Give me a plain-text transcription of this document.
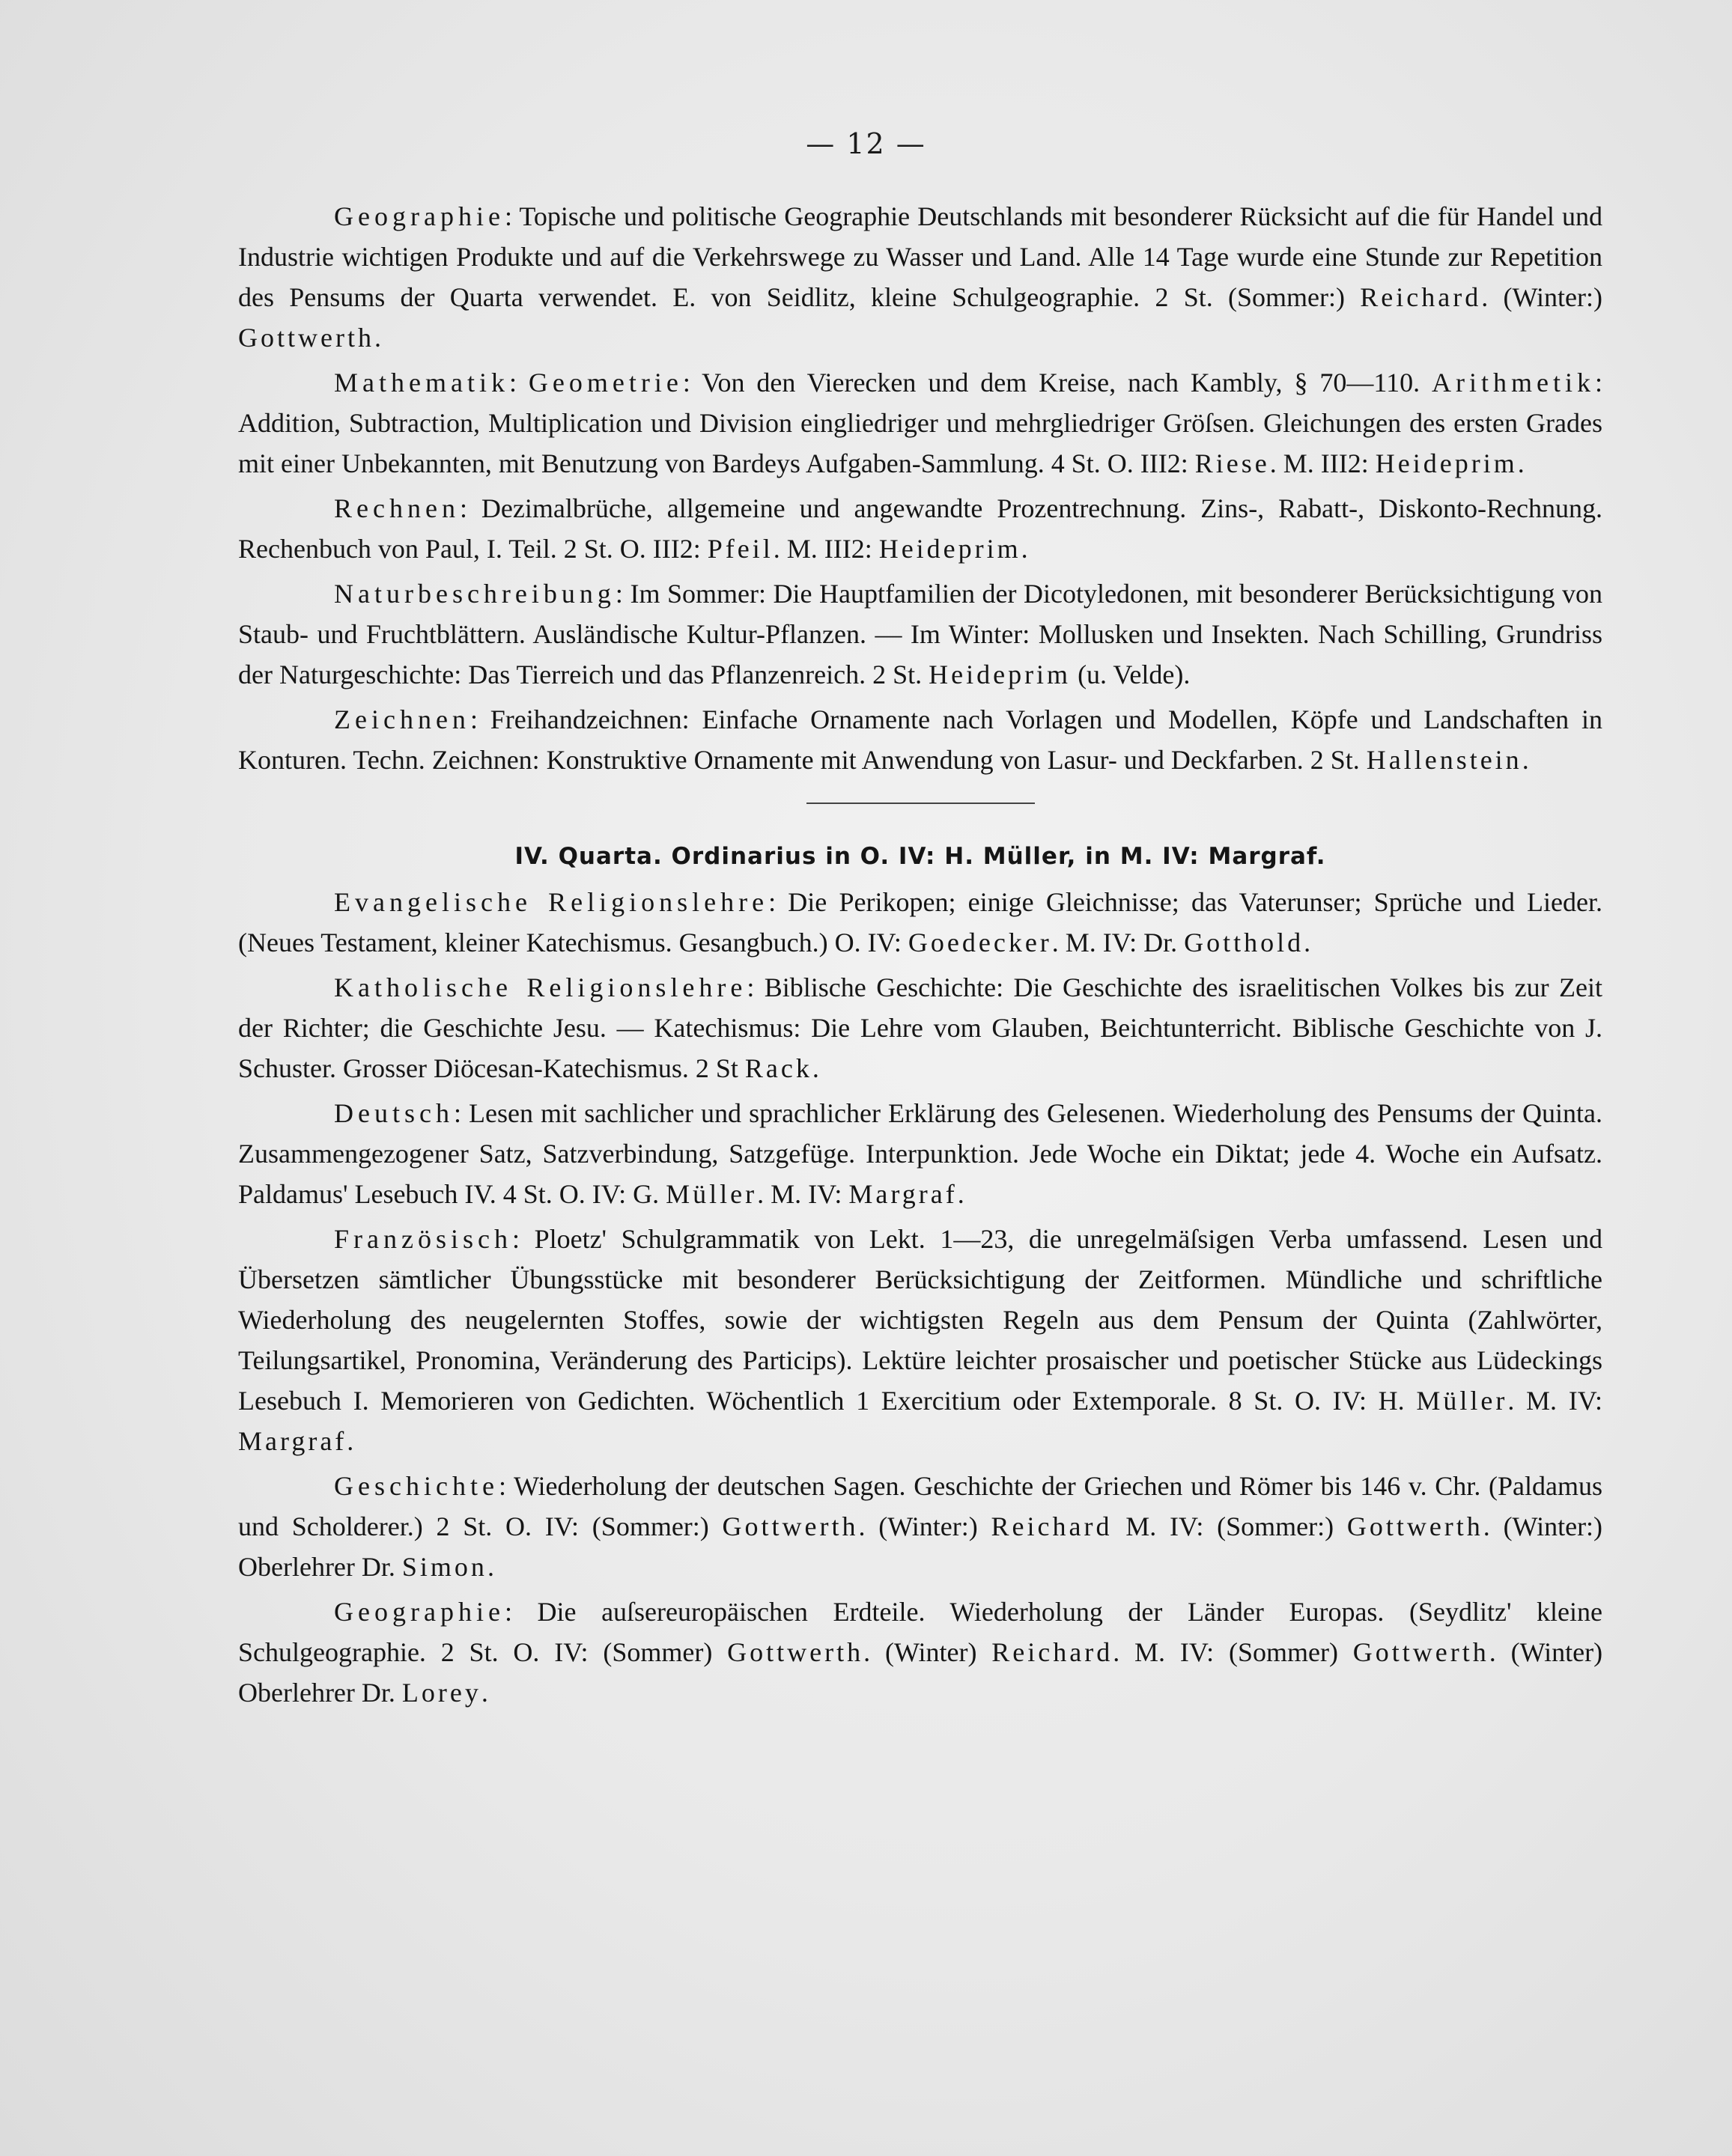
— 12 —

Geographie: Topische und politische Geographie Deutschlands mit besonderer Rücksicht auf die für Handel und Industrie wichtigen Produkte und auf die Verkehrswege zu Wasser und Land. Alle 14 Tage wurde eine Stunde zur Repetition des Pensums der Quarta verwendet. E. von Seidlitz, kleine Schulgeographie. 2 St. (Sommer:) Reichard. (Winter:) Gottwerth.

Mathematik: Geometrie: Von den Vierecken und dem Kreise, nach Kambly, § 70—110. Arithmetik: Addition, Subtraction, Multiplication und Division eingliedriger und mehrgliedriger Gröſsen. Gleichungen des ersten Grades mit einer Unbekannten, mit Benutzung von Bardeys Aufgaben-Sammlung. 4 St. O. III2: Riese. M. III2: Heideprim.

Rechnen: Dezimalbrüche, allgemeine und angewandte Prozentrechnung. Zins-, Rabatt-, Diskonto-Rechnung. Rechenbuch von Paul, I. Teil. 2 St. O. III2: Pfeil. M. III2: Heideprim.

Naturbeschreibung: Im Sommer: Die Hauptfamilien der Dicotyledonen, mit besonderer Berücksichtigung von Staub- und Fruchtblättern. Ausländische Kultur-Pflanzen. — Im Winter: Mollusken und Insekten. Nach Schilling, Grundriss der Naturgeschichte: Das Tierreich und das Pflanzenreich. 2 St. Heideprim (u. Velde).

Zeichnen: Freihandzeichnen: Einfache Ornamente nach Vorlagen und Modellen, Köpfe und Landschaften in Konturen. Techn. Zeichnen: Konstruktive Ornamente mit Anwendung von Lasur- und Deckfarben. 2 St. Hallenstein.

IV. Quarta. Ordinarius in O. IV: H. Müller, in M. IV: Margraf.

Evangelische Religionslehre: Die Perikopen; einige Gleichnisse; das Vaterunser; Sprüche und Lieder. (Neues Testament, kleiner Katechismus. Gesangbuch.) O. IV: Goedecker. M. IV: Dr. Gotthold.

Katholische Religionslehre: Biblische Geschichte: Die Geschichte des israelitischen Volkes bis zur Zeit der Richter; die Geschichte Jesu. — Katechismus: Die Lehre vom Glauben, Beichtunterricht. Biblische Geschichte von J. Schuster. Grosser Diöcesan-Katechismus. 2 St Rack.

Deutsch: Lesen mit sachlicher und sprachlicher Erklärung des Gelesenen. Wiederholung des Pensums der Quinta. Zusammengezogener Satz, Satzverbindung, Satzgefüge. Interpunktion. Jede Woche ein Diktat; jede 4. Woche ein Aufsatz. Paldamus' Lesebuch IV. 4 St. O. IV: G. Müller. M. IV: Margraf.

Französisch: Ploetz' Schulgrammatik von Lekt. 1—23, die unregelmäſsigen Verba umfassend. Lesen und Übersetzen sämtlicher Übungsstücke mit besonderer Berücksichtigung der Zeitformen. Mündliche und schriftliche Wiederholung des neugelernten Stoffes, sowie der wichtigsten Regeln aus dem Pensum der Quinta (Zahlwörter, Teilungsartikel, Pronomina, Veränderung des Particips). Lektüre leichter prosaischer und poetischer Stücke aus Lüdeckings Lesebuch I. Memorieren von Gedichten. Wöchentlich 1 Exercitium oder Extemporale. 8 St. O. IV: H. Müller. M. IV: Margraf.

Geschichte: Wiederholung der deutschen Sagen. Geschichte der Griechen und Römer bis 146 v. Chr. (Paldamus und Scholderer.) 2 St. O. IV: (Sommer:) Gottwerth. (Winter:) Reichard M. IV: (Sommer:) Gottwerth. (Winter:) Oberlehrer Dr. Simon.

Geographie: Die auſsereuropäischen Erdteile. Wiederholung der Länder Europas. (Seydlitz' kleine Schulgeographie. 2 St. O. IV: (Sommer) Gottwerth. (Winter) Reichard. M. IV: (Sommer) Gottwerth. (Winter) Oberlehrer Dr. Lorey.
